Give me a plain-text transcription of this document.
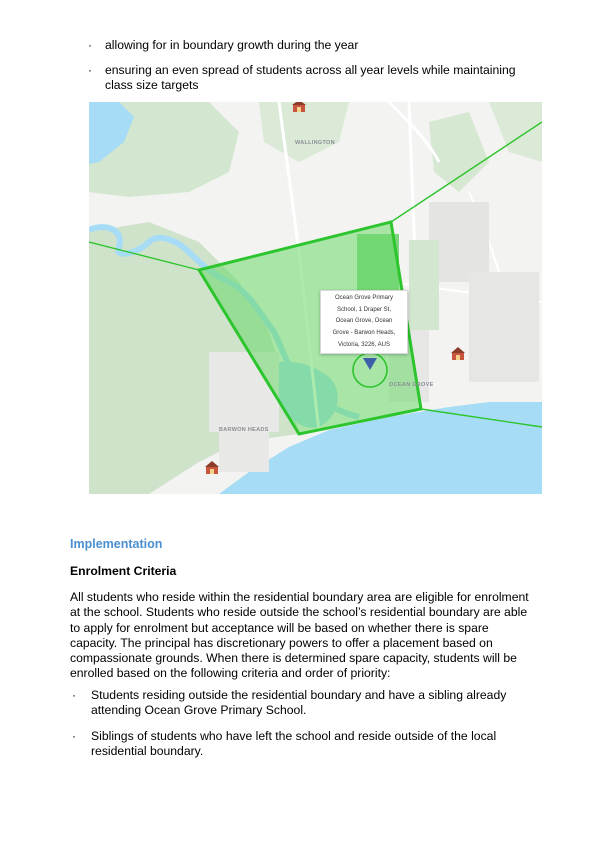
·	allowing for in boundary growth during the year
·	ensuring an even spread of students across all year levels while maintaining
class size targets
WALLINGTON
OCEAN GROVE
BARWON HEADS
Ocean Grove Primary
School, 1 Draper St,
Ocean Grove, Ocean
Grove - Barwon Heads,
Victoria, 3226, AUS
Implementation
Enrolment Criteria
All students who reside within the residential boundary area are eligible for enrolment
at the school. Students who reside outside the school’s residential boundary are able
to apply for enrolment but acceptance will be based on whether there is spare
capacity. The principal has discretionary powers to offer a placement based on
compassionate grounds. When there is determined spare capacity, students will be
enrolled based on the following criteria and order of priority:
·	Students residing outside the residential boundary and have a sibling already
attending Ocean Grove Primary School.
·	Siblings of students who have left the school and reside outside of the local
residential boundary.
